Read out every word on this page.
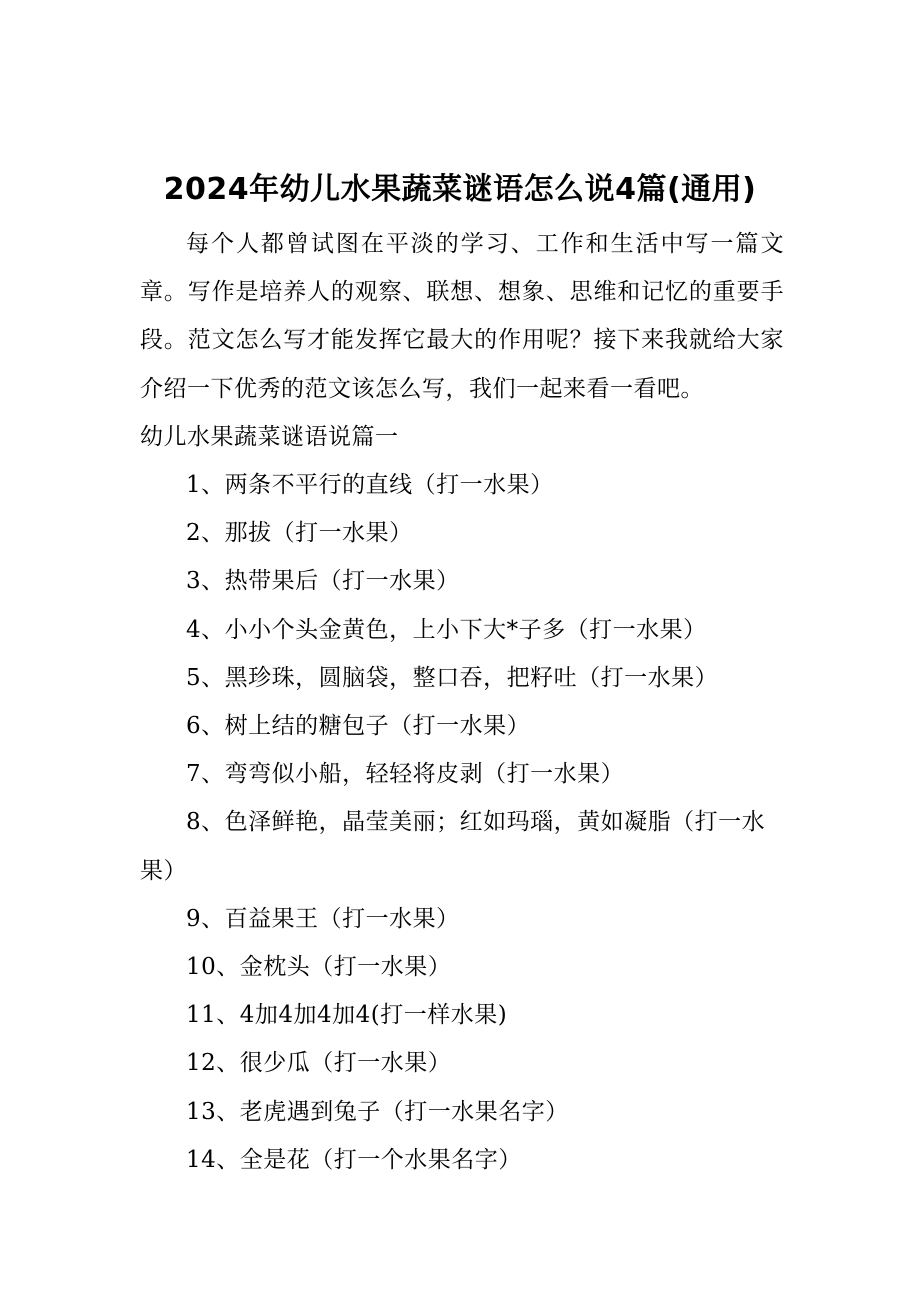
2024年幼儿水果蔬菜谜语怎么说4篇(通用)

每个人都曾试图在平淡的学习、工作和生活中写一篇文章。写作是培养人的观察、联想、想象、思维和记忆的重要手段。范文怎么写才能发挥它最大的作用呢？接下来我就给大家介绍一下优秀的范文该怎么写，我们一起来看一看吧。

幼儿水果蔬菜谜语说篇一

1、两条不平行的直线（打一水果）
2、那拔（打一水果）
3、热带果后（打一水果）
4、小小个头金黄色，上小下大*子多（打一水果）
5、黑珍珠，圆脑袋，整口吞，把籽吐（打一水果）
6、树上结的糖包子（打一水果）
7、弯弯似小船，轻轻将皮剥（打一水果）
8、色泽鲜艳，晶莹美丽；红如玛瑙，黄如凝脂（打一水果）
9、百益果王（打一水果）
10、金枕头（打一水果）
11、4加4加4加4(打一样水果)
12、很少瓜（打一水果）
13、老虎遇到兔子（打一水果名字）
14、全是花（打一个水果名字）
